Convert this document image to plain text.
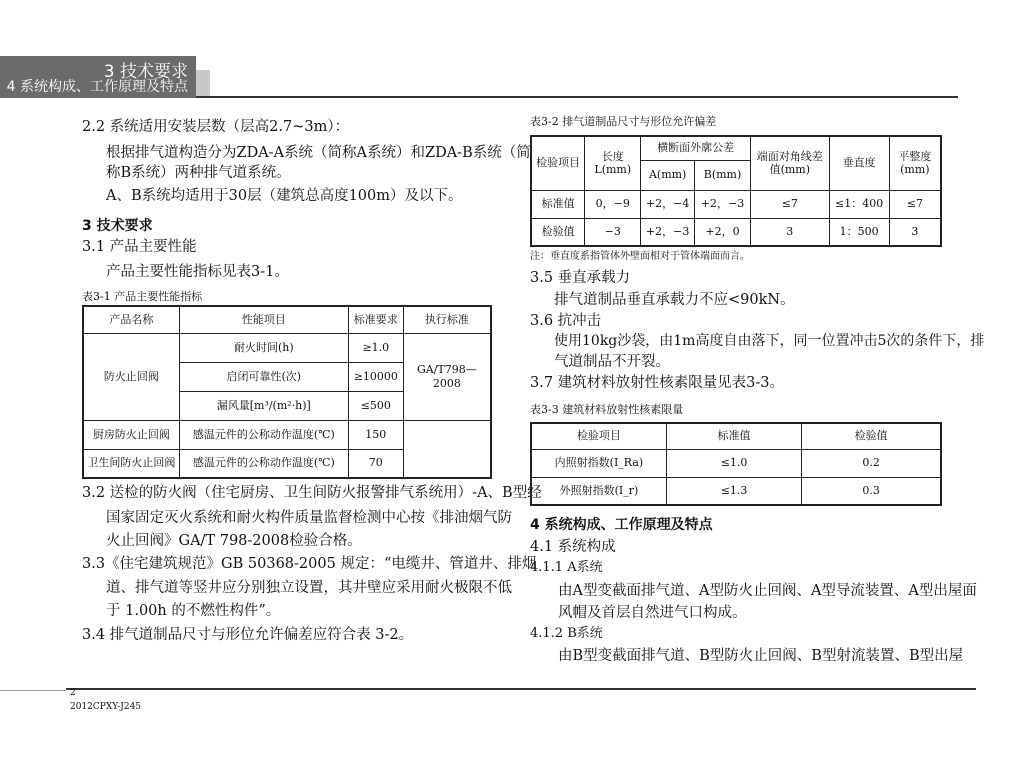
3 技术要求
4 系统构成、工作原理及特点
2.2 系统适用安装层数（层高2.7~3m）：
根据排气道构造分为ZDA-A系统（简称A系统）和ZDA-B系统（简
称B系统）两种排气道系统。
A、B系统均适用于30层（建筑总高度100m）及以下。
3 技术要求
3.1 产品主要性能
产品主要性能指标见表3-1。
表3-1 产品主要性能指标
产品名称	性能项目	标准要求	执行标准
防火止回阀	耐火时间(h)	≥1.0	GA/T798—2008
	启闭可靠性(次)	≥10000	
	漏风量[m³/(m²·h)]	≤500	
厨房防火止回阀	感温元件的公称动作温度(℃)	150	
卫生间防火止回阀	感温元件的公称动作温度(℃)	70	
3.2 送检的防火阀（住宅厨房、卫生间防火报警排气系统用）-A、B型经
国家固定灭火系统和耐火构件质量监督检测中心按《排油烟气防
火止回阀》GA/T 798-2008检验合格。
3.3《住宅建筑规范》GB 50368-2005 规定：“电缆井、管道井、排烟
道、排气道等竖井应分别独立设置，其井壁应采用耐火极限不低
于 1.00h 的不燃性构件”。
3.4 排气道制品尺寸与形位允许偏差应符合表 3-2。
表3-2 排气道制品尺寸与形位允许偏差
检验项目	长度L(mm)	横断面外廓公差		端面对角线差值(mm)	垂直度	平整度(mm)
		A(mm)	B(mm)			
标准值	0，−9	+2，−4	+2，−3	≤7	≤1：400	≤7
检验值	−3	+2，−3	+2，0	3	1：500	3
注：垂直度系指管体外壁面相对于管体端面而言。
3.5 垂直承载力
排气道制品垂直承载力不应<90kN。
3.6 抗冲击
使用10kg沙袋，由1m高度自由落下，同一位置冲击5次的条件下，排
气道制品不开裂。
3.7 建筑材料放射性核素限量见表3-3。
表3-3 建筑材料放射性核素限量
检验项目	标准值	检验值
内照射指数(I_Ra)	≤1.0	0.2
外照射指数(I_r)	≤1.3	0.3
4 系统构成、工作原理及特点
4.1 系统构成
4.1.1 A系统
由A型变截面排气道、A型防火止回阀、A型导流装置、A型出屋面
风帽及首层自然进气口构成。
4.1.2 B系统
由B型变截面排气道、B型防火止回阀、B型射流装置、B型出屋
2
2012CPXY-J245
